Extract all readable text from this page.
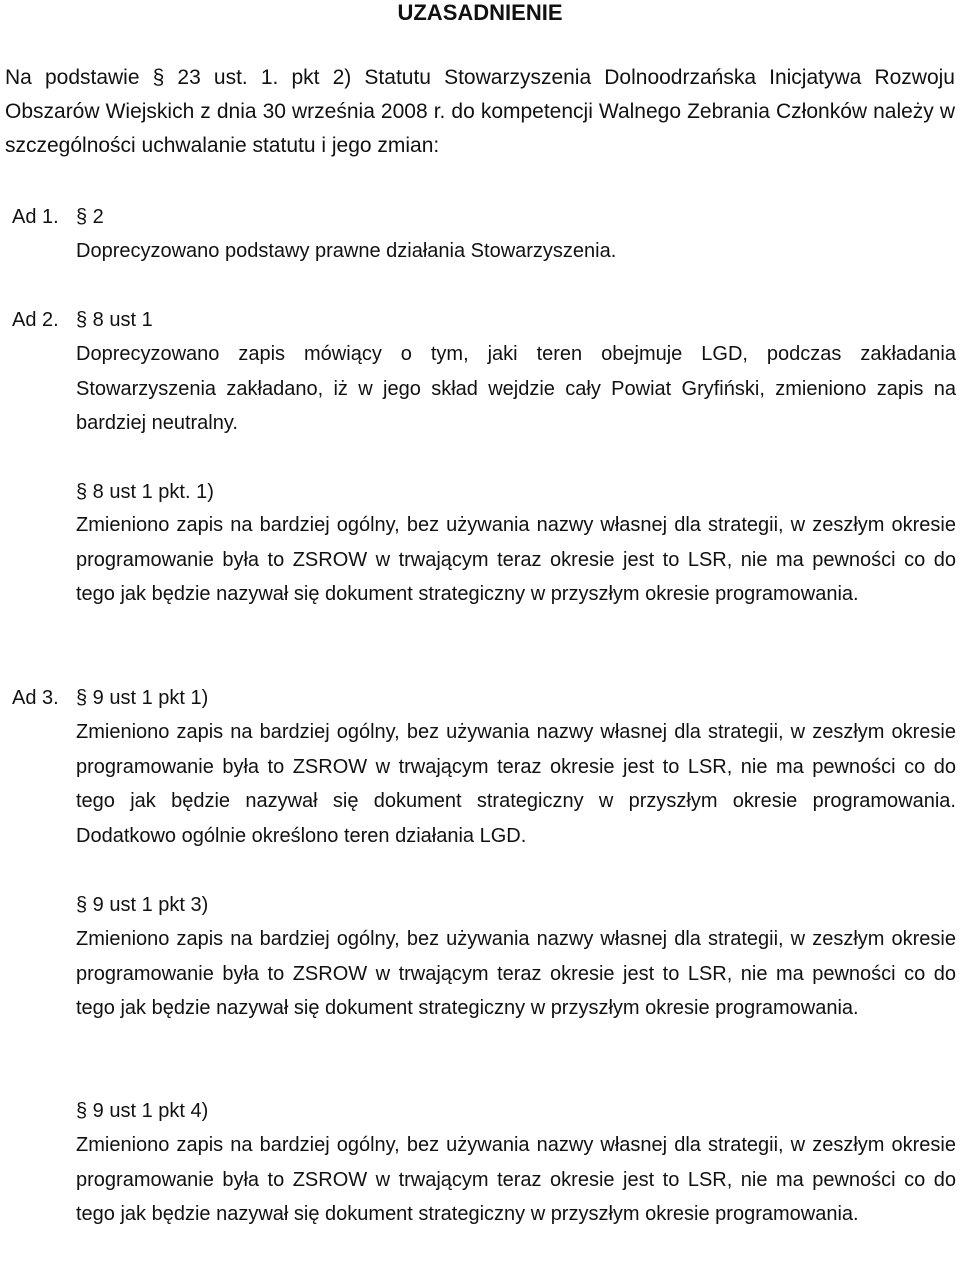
UZASADNIENIE
Na podstawie § 23 ust. 1. pkt 2) Statutu Stowarzyszenia Dolnoodrzańska Inicjatywa Rozwoju Obszarów Wiejskich z dnia 30 września 2008 r. do kompetencji Walnego Zebrania Członków należy w szczególności uchwalanie statutu i jego zmian:
Ad 1. § 2
Doprecyzowano podstawy prawne działania Stowarzyszenia.
Ad 2. § 8 ust 1
Doprecyzowano zapis mówiący o tym, jaki teren obejmuje LGD, podczas zakładania Stowarzyszenia zakładano, iż w jego skład wejdzie cały Powiat Gryfiński, zmieniono zapis na bardziej neutralny.
§ 8 ust 1 pkt. 1)
Zmieniono zapis na bardziej ogólny, bez używania nazwy własnej dla strategii, w zeszłym okresie programowanie była to ZSROW w trwającym teraz okresie jest to LSR, nie ma pewności co do tego jak będzie nazywał się dokument strategiczny w przyszłym okresie programowania.
Ad 3. § 9 ust 1 pkt 1)
Zmieniono zapis na bardziej ogólny, bez używania nazwy własnej dla strategii, w zeszłym okresie programowanie była to ZSROW w trwającym teraz okresie jest to LSR, nie ma pewności co do tego jak będzie nazywał się dokument strategiczny w przyszłym okresie programowania. Dodatkowo ogólnie określono teren działania LGD.
§ 9 ust 1 pkt 3)
Zmieniono zapis na bardziej ogólny, bez używania nazwy własnej dla strategii, w zeszłym okresie programowanie była to ZSROW w trwającym teraz okresie jest to LSR, nie ma pewności co do tego jak będzie nazywał się dokument strategiczny w przyszłym okresie programowania.
§ 9 ust 1 pkt 4)
Zmieniono zapis na bardziej ogólny, bez używania nazwy własnej dla strategii, w zeszłym okresie programowanie była to ZSROW w trwającym teraz okresie jest to LSR, nie ma pewności co do tego jak będzie nazywał się dokument strategiczny w przyszłym okresie programowania.
